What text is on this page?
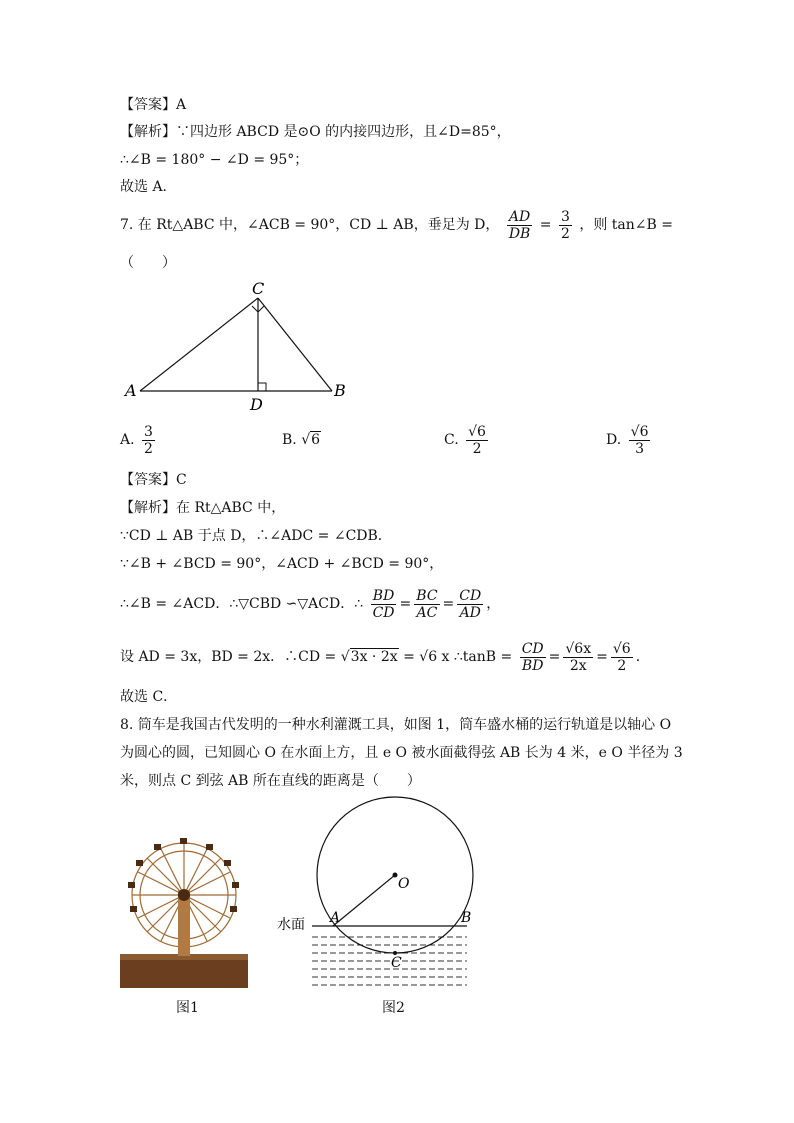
【答案】A
【解析】∵四边形 ABCD 是⊙O 的内接四边形，且∠D=85°，
∴∠B = 180° − ∠D = 95°；
故选 A．
7. 在 Rt△ABC 中，∠ACB = 90°，CD ⊥ AB，垂足为 D， $\frac{AD}{DB} = \frac{3}{2}$ ，则 tan∠B =
（　　）
A
C
B
D
A. $\frac{3}{2}$	B. √6	C. $\frac{√6}{2}$	D. $\frac{√6}{3}$
【答案】C
【解析】在 Rt△ABC 中，
∵CD ⊥ AB 于点 D，∴∠ADC = ∠CDB．
∵∠B + ∠BCD = 90°，∠ACD + ∠BCD = 90°，
∴∠B = ∠ACD．∴▽CBD ∽▽ACD．∴ $\frac{BD}{CD} = \frac{BC}{AC} = \frac{CD}{AD}$ ，
设 AD = 3x，BD = 2x．∴CD = √3x · 2x = √6 x ∴tanB = $\frac{CD}{BD} = \frac{√6x}{2x} = \frac{√6}{2}$ ．
故选 C．
8. 筒车是我国古代发明的一种水利灌溉工具，如图 1，筒车盛水桶的运行轨道是以轴心 O
为圆心的圆，已知圆心 O 在水面上方，且 e O 被水面截得弦 AB 长为 4 米，e O 半径为 3
米，则点 C 到弦 AB 所在直线的距离是（　　）
图1
O
A	B
C
水面
图2
